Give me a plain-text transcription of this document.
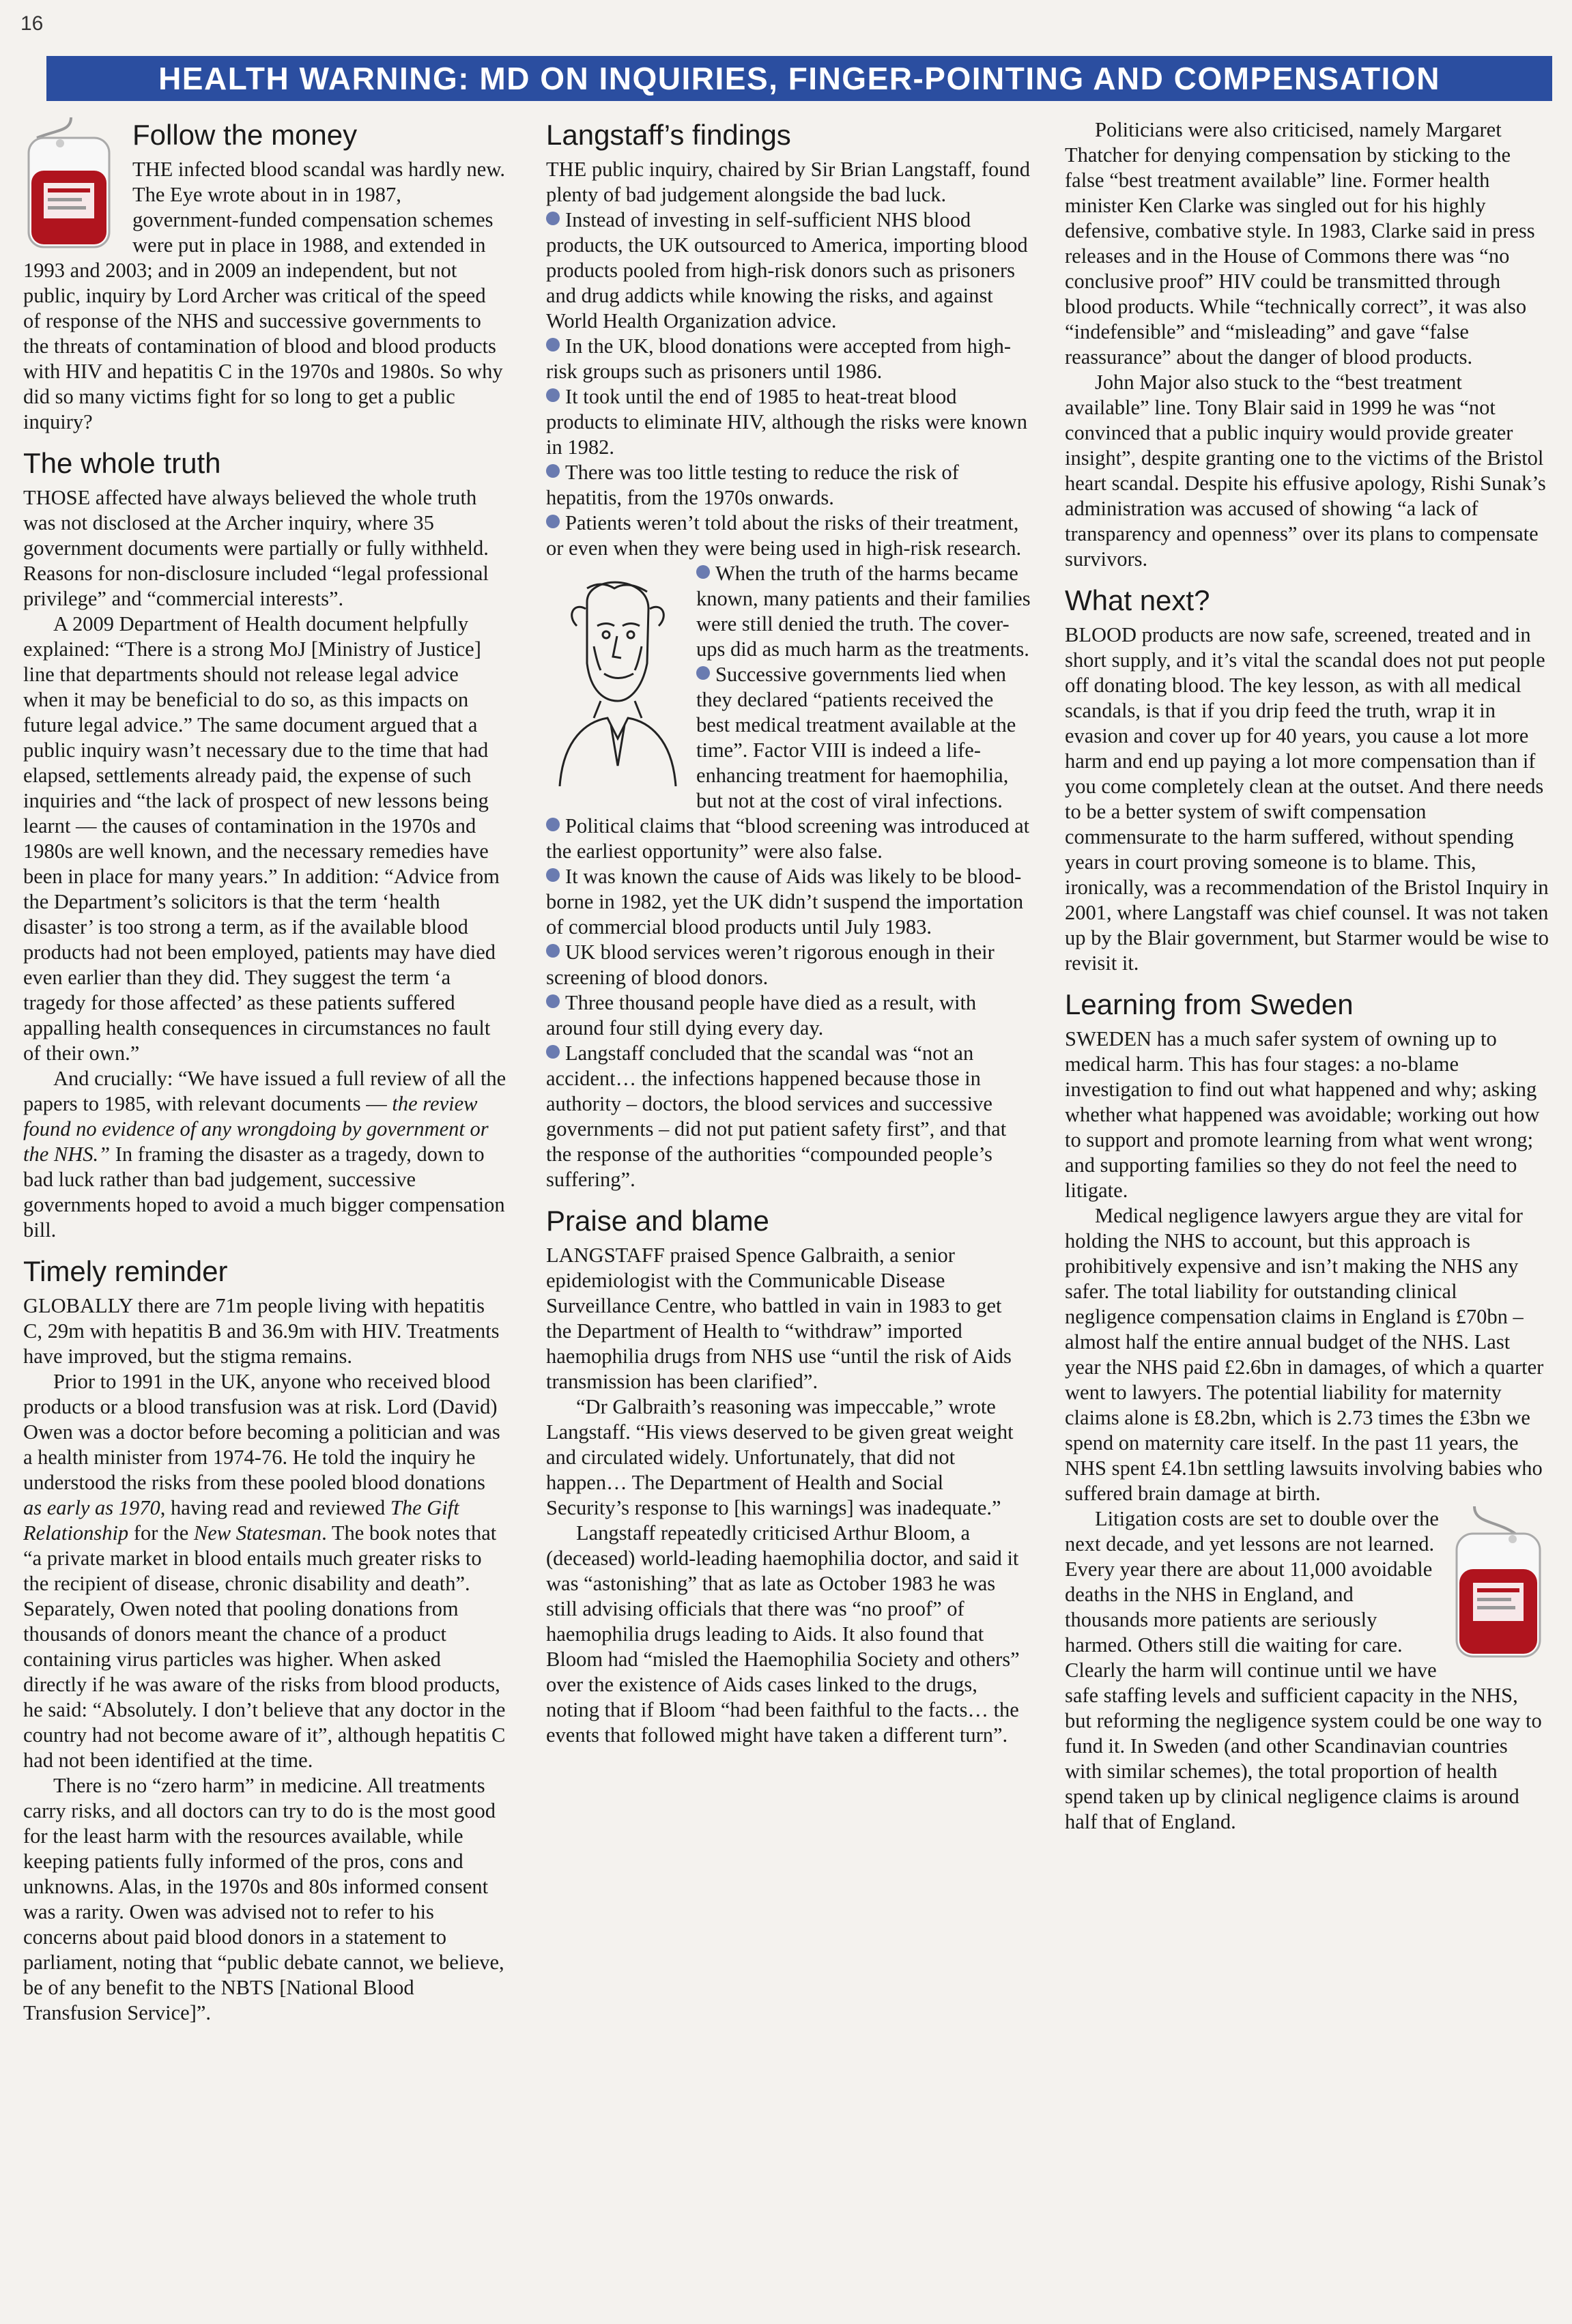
16
HEALTH WARNING: MD ON INQUIRIES, FINGER-POINTING AND COMPENSATION
Follow the money

THE infected blood scandal was hardly new. The Eye wrote about in in 1987, government-funded compensation schemes were put in place in 1988, and extended in 1993 and 2003; and in 2009 an independent, but not public, inquiry by Lord Archer was critical of the speed of response of the NHS and successive governments to the threats of contamination of blood and blood products with HIV and hepatitis C in the 1970s and 1980s. So why did so many victims fight for so long to get a public inquiry?

The whole truth

THOSE affected have always believed the whole truth was not disclosed at the Archer inquiry, where 35 government documents were partially or fully withheld. Reasons for non-disclosure included “legal professional privilege” and “commercial interests”.

A 2009 Department of Health document helpfully explained: “There is a strong MoJ [Ministry of Justice] line that departments should not release legal advice when it may be beneficial to do so, as this impacts on future legal advice.” The same document argued that a public inquiry wasn’t necessary due to the time that had elapsed, settlements already paid, the expense of such inquiries and “the lack of prospect of new lessons being learnt — the causes of contamination in the 1970s and 1980s are well known, and the necessary remedies have been in place for many years.” In addition: “Advice from the Department’s solicitors is that the term ‘health disaster’ is too strong a term, as if the available blood products had not been employed, patients may have died even earlier than they did. They suggest the term ‘a tragedy for those affected’ as these patients suffered appalling health consequences in circumstances no fault of their own.”

And crucially: “We have issued a full review of all the papers to 1985, with relevant documents — the review found no evidence of any wrongdoing by government or the NHS.” In framing the disaster as a tragedy, down to bad luck rather than bad judgement, successive governments hoped to avoid a much bigger compensation bill.

Timely reminder

GLOBALLY there are 71m people living with hepatitis C, 29m with hepatitis B and 36.9m with HIV. Treatments have improved, but the stigma remains.

Prior to 1991 in the UK, anyone who received blood products or a blood transfusion was at risk. Lord (David) Owen was a doctor before becoming a politician and was a health minister from 1974-76. He told the inquiry he understood the risks from these pooled blood donations as early as 1970, having read and reviewed The Gift Relationship for the New Statesman. The book notes that “a private market in blood entails much greater risks to the recipient of disease, chronic disability and death”. Separately, Owen noted that pooling donations from thousands of donors meant the chance of a product containing virus particles was higher. When asked directly if he was aware of the risks from blood products, he said: “Absolutely. I don’t believe that any doctor in the country had not become aware of it”, although hepatitis C had not been identified at the time.

There is no “zero harm” in medicine. All treatments carry risks, and all doctors can try to do is the most good for the least harm with the resources available, while keeping patients fully informed of the pros, cons and unknowns. Alas, in the 1970s and 80s informed consent was a rarity. Owen was advised not to refer to his concerns about paid blood donors in a statement to parliament, noting that “public debate cannot, we believe, be of any benefit to the NBTS [National Blood Transfusion Service]”.

Langstaff’s findings

THE public inquiry, chaired by Sir Brian Langstaff, found plenty of bad judgement alongside the bad luck.

Instead of investing in self-sufficient NHS blood products, the UK outsourced to America, importing blood products pooled from high-risk donors such as prisoners and drug addicts while knowing the risks, and against World Health Organization advice.

In the UK, blood donations were accepted from high-risk groups such as prisoners until 1986.

It took until the end of 1985 to heat-treat blood products to eliminate HIV, although the risks were known in 1982.

There was too little testing to reduce the risk of hepatitis, from the 1970s onwards.

Patients weren’t told about the risks of their treatment, or even when they were being used in high-risk research.

When the truth of the harms became known, many patients and their families were still denied the truth. The cover-ups did as much harm as the treatments.

Successive governments lied when they declared “patients received the best medical treatment available at the time”. Factor VIII is indeed a life-enhancing treatment for haemophilia, but not at the cost of viral infections.

Political claims that “blood screening was introduced at the earliest opportunity” were also false.

It was known the cause of Aids was likely to be blood-borne in 1982, yet the UK didn’t suspend the importation of commercial blood products until July 1983.

UK blood services weren’t rigorous enough in their screening of blood donors.

Three thousand people have died as a result, with around four still dying every day.

Langstaff concluded that the scandal was “not an accident… the infections happened because those in authority – doctors, the blood services and successive governments – did not put patient safety first”, and that the response of the authorities “compounded people’s suffering”.

Praise and blame

LANGSTAFF praised Spence Galbraith, a senior epidemiologist with the Communicable Disease Surveillance Centre, who battled in vain in 1983 to get the Department of Health to “withdraw” imported haemophilia drugs from NHS use “until the risk of Aids transmission has been clarified”.

“Dr Galbraith’s reasoning was impeccable,” wrote Langstaff. “His views deserved to be given great weight and circulated widely. Unfortunately, that did not happen… The Department of Health and Social Security’s response to [his warnings] was inadequate.”

Langstaff repeatedly criticised Arthur Bloom, a (deceased) world-leading haemophilia doctor, and said it was “astonishing” that as late as October 1983 he was still advising officials that there was “no proof” of haemophilia drugs leading to Aids. It also found that Bloom had “misled the Haemophilia Society and others” over the existence of Aids cases linked to the drugs, noting that if Bloom “had been faithful to the facts… the events that followed might have taken a different turn”.

Politicians were also criticised, namely Margaret Thatcher for denying compensation by sticking to the false “best treatment available” line. Former health minister Ken Clarke was singled out for his highly defensive, combative style. In 1983, Clarke said in press releases and in the House of Commons there was “no conclusive proof” HIV could be transmitted through blood products. While “technically correct”, it was also “indefensible” and “misleading” and gave “false reassurance” about the danger of blood products.

John Major also stuck to the “best treatment available” line. Tony Blair said in 1999 he was “not convinced that a public inquiry would provide greater insight”, despite granting one to the victims of the Bristol heart scandal. Despite his effusive apology, Rishi Sunak’s administration was accused of showing “a lack of transparency and openness” over its plans to compensate survivors.

What next?

BLOOD products are now safe, screened, treated and in short supply, and it’s vital the scandal does not put people off donating blood. The key lesson, as with all medical scandals, is that if you drip feed the truth, wrap it in evasion and cover up for 40 years, you cause a lot more harm and end up paying a lot more compensation than if you come completely clean at the outset. And there needs to be a better system of swift compensation commensurate to the harm suffered, without spending years in court proving someone is to blame. This, ironically, was a recommendation of the Bristol Inquiry in 2001, where Langstaff was chief counsel. It was not taken up by the Blair government, but Starmer would be wise to revisit it.

Learning from Sweden

SWEDEN has a much safer system of owning up to medical harm. This has four stages: a no-blame investigation to find out what happened and why; asking whether what happened was avoidable; working out how to support and promote learning from what went wrong; and supporting families so they do not feel the need to litigate.

Medical negligence lawyers argue they are vital for holding the NHS to account, but this approach is prohibitively expensive and isn’t making the NHS any safer. The total liability for outstanding clinical negligence compensation claims in England is £70bn – almost half the entire annual budget of the NHS. Last year the NHS paid £2.6bn in damages, of which a quarter went to lawyers. The potential liability for maternity claims alone is £8.2bn, which is 2.73 times the £3bn we spend on maternity care itself. In the past 11 years, the NHS spent £4.1bn settling lawsuits involving babies who suffered brain damage at birth.

Litigation costs are set to double over the next decade, and yet lessons are not learned. Every year there are about 11,000 avoidable deaths in the NHS in England, and thousands more patients are seriously harmed. Others still die waiting for care. Clearly the harm will continue until we have safe staffing levels and sufficient capacity in the NHS, but reforming the negligence system could be one way to fund it. In Sweden (and other Scandinavian countries with similar schemes), the total proportion of health spend taken up by clinical negligence claims is around half that of England.
